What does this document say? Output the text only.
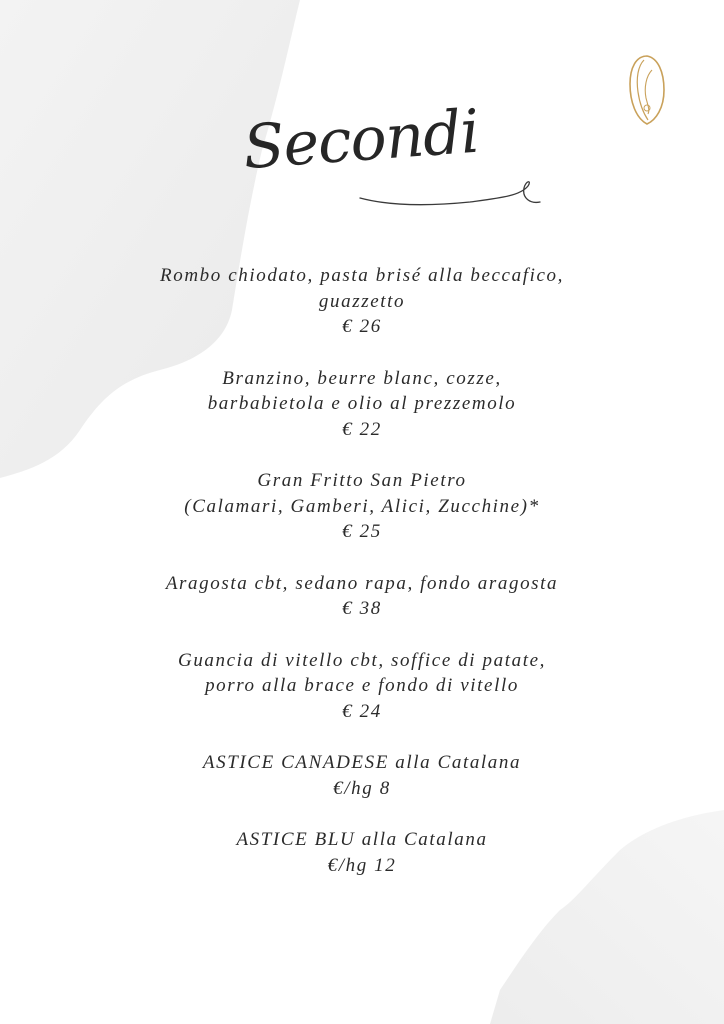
Secondi
Rombo chiodato, pasta brisé alla beccafico,
guazzetto
€ 26
Branzino, beurre blanc, cozze,
barbabietola e olio al prezzemolo
€ 22
Gran Fritto San Pietro
(Calamari, Gamberi, Alici, Zucchine)*
€ 25
Aragosta cbt, sedano rapa, fondo aragosta
€ 38
Guancia di vitello cbt, soffice di patate,
porro alla brace e fondo di vitello
€ 24
ASTICE CANADESE alla Catalana
€/hg 8
ASTICE BLU alla Catalana
€/hg 12
